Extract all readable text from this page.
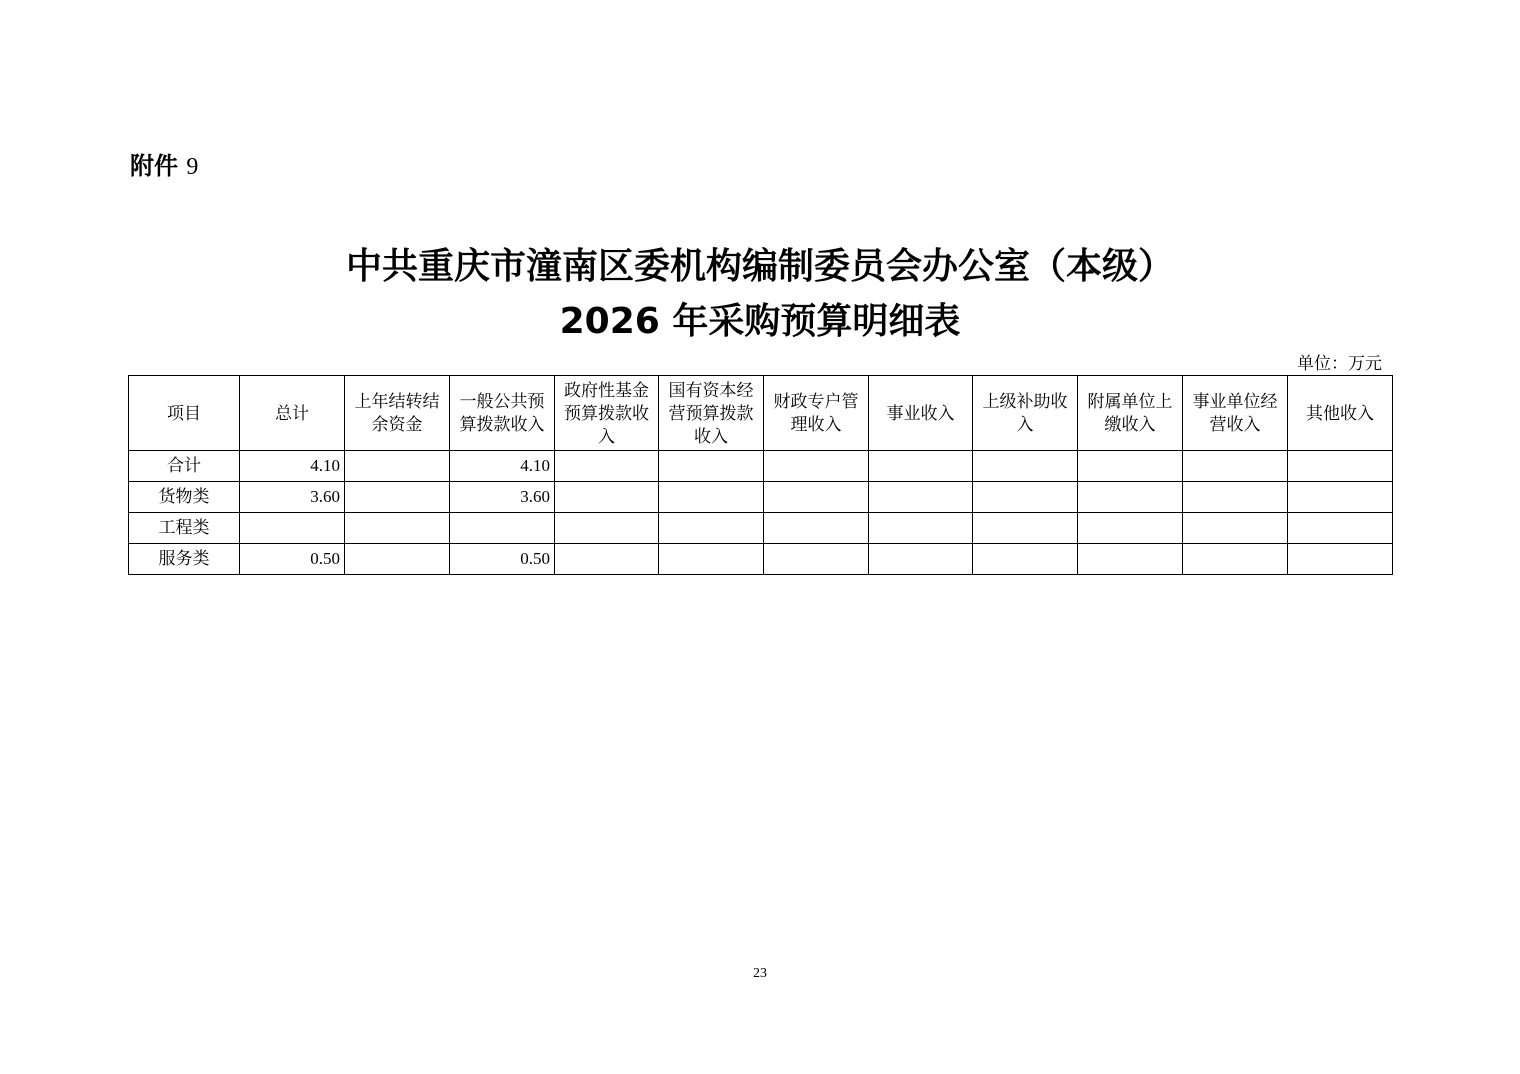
附件 9
中共重庆市潼南区委机构编制委员会办公室（本级）
2026 年采购预算明细表
单位：万元
项目	总计	上年结转结余资金	一般公共预算拨款收入	政府性基金预算拨款收入	国有资本经营预算拨款收入	财政专户管理收入	事业收入	上级补助收入	附属单位上缴收入	事业单位经营收入	其他收入
合计	4.10		4.10								
货物类	3.60		3.60								
工程类											
服务类	0.50		0.50								
23
